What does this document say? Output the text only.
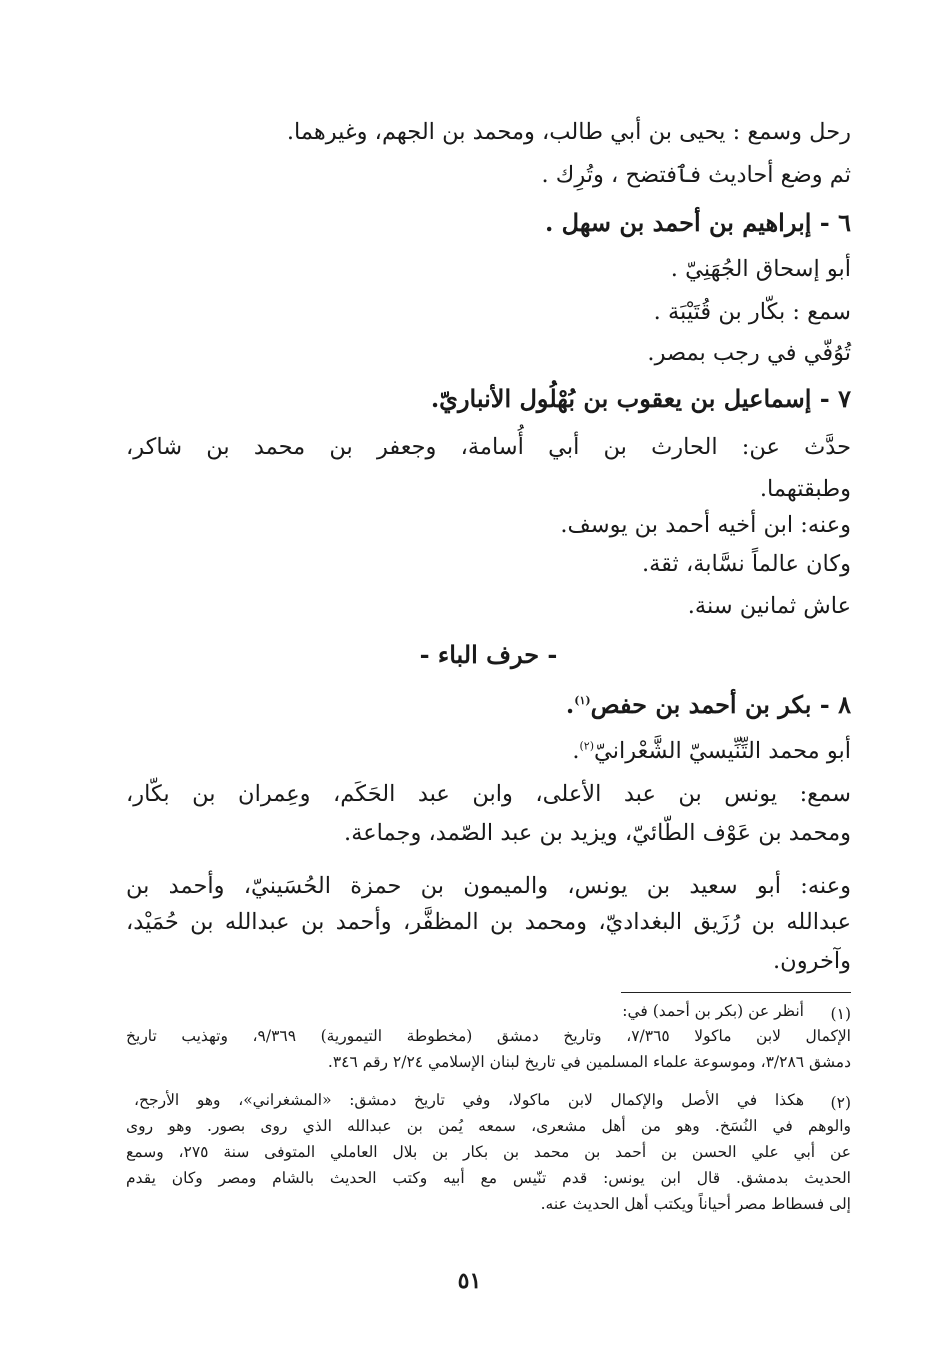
رحل وسمع : يحيى بن أبي طالب، ومحمد بن الجهم، وغيرهما.
ثم وضع أحاديث فٱفتضح ، وتُرِك .
٦ - إبراهيم بن أحمد بن سهل .
أبو إسحاق الجُهَنِيّ .
سمع : بكّار بن قُتَيْبَة .
تُوُفّي في رجب بمصر.
٧ - إسماعيل بن يعقوب بن بُهْلُول الأنباريّ.
حدَّث عن: الحارث بن أبي أُسامة، وجعفر بن محمد بن شاكر،
وطبقتهما.
وعنه: ابن أخيه أحمد بن يوسف.
وكان عالماً نسَّابة، ثقة.
عاش ثمانين سنة.
- حرف الباء -
٨ - بكر بن أحمد بن حفص$^{(١)}$.
أبو محمد التِّنِّيسيّ الشَّعْرانيّ$^{(٢)}$.
سمع: يونس بن عبد الأعلى، وابن عبد الحَكَم، وعِمران بن بكّار،
ومحمد بن عَوْف الطّائيّ، ويزيد بن عبد الصّمد، وجماعة.
وعنه: أبو سعيد بن يونس، والميمون بن حمزة الحُسَينيّ، وأحمد بن
عبدالله بن رُزَيق البغداديّ، ومحمد بن المظفَّر، وأحمد بن عبدالله بن حُمَيْد،
وآخرون.
(١)
أنظر عن (بكر بن أحمد) في:
الإكمال لابن ماكولا ٧/٣٦٥، وتاريخ دمشق (مخطوطة التيمورية) ٩/٣٦٩، وتهذيب تاريخ
دمشق ٣/٢٨٦، وموسوعة علماء المسلمين في تاريخ لبنان الإسلامي ٢/٢٤ رقم ٣٤٦.
(٢)
هكذا في الأصل والإكمال لابن ماكولا، وفي تاريخ دمشق: «المشغراني»، وهو الأرجح،
والوهم في النُسَخ. وهو من أهل مشعرى، سمعه يُمن بن عبدالله الذي روى بصور. وهو روى
عن أبي علي الحسن بن أحمد بن محمد بن بكار بن بلال العاملي المتوفى سنة ٢٧٥، وسمع
الحديث بدمشق. قال ابن يونس: قدم تنّيس مع أبيه وكتب الحديث بالشام ومصر وكان يقدم
إلى فسطاط مصر أحياناً ويكتب أهل الحديث عنه.
٥١
